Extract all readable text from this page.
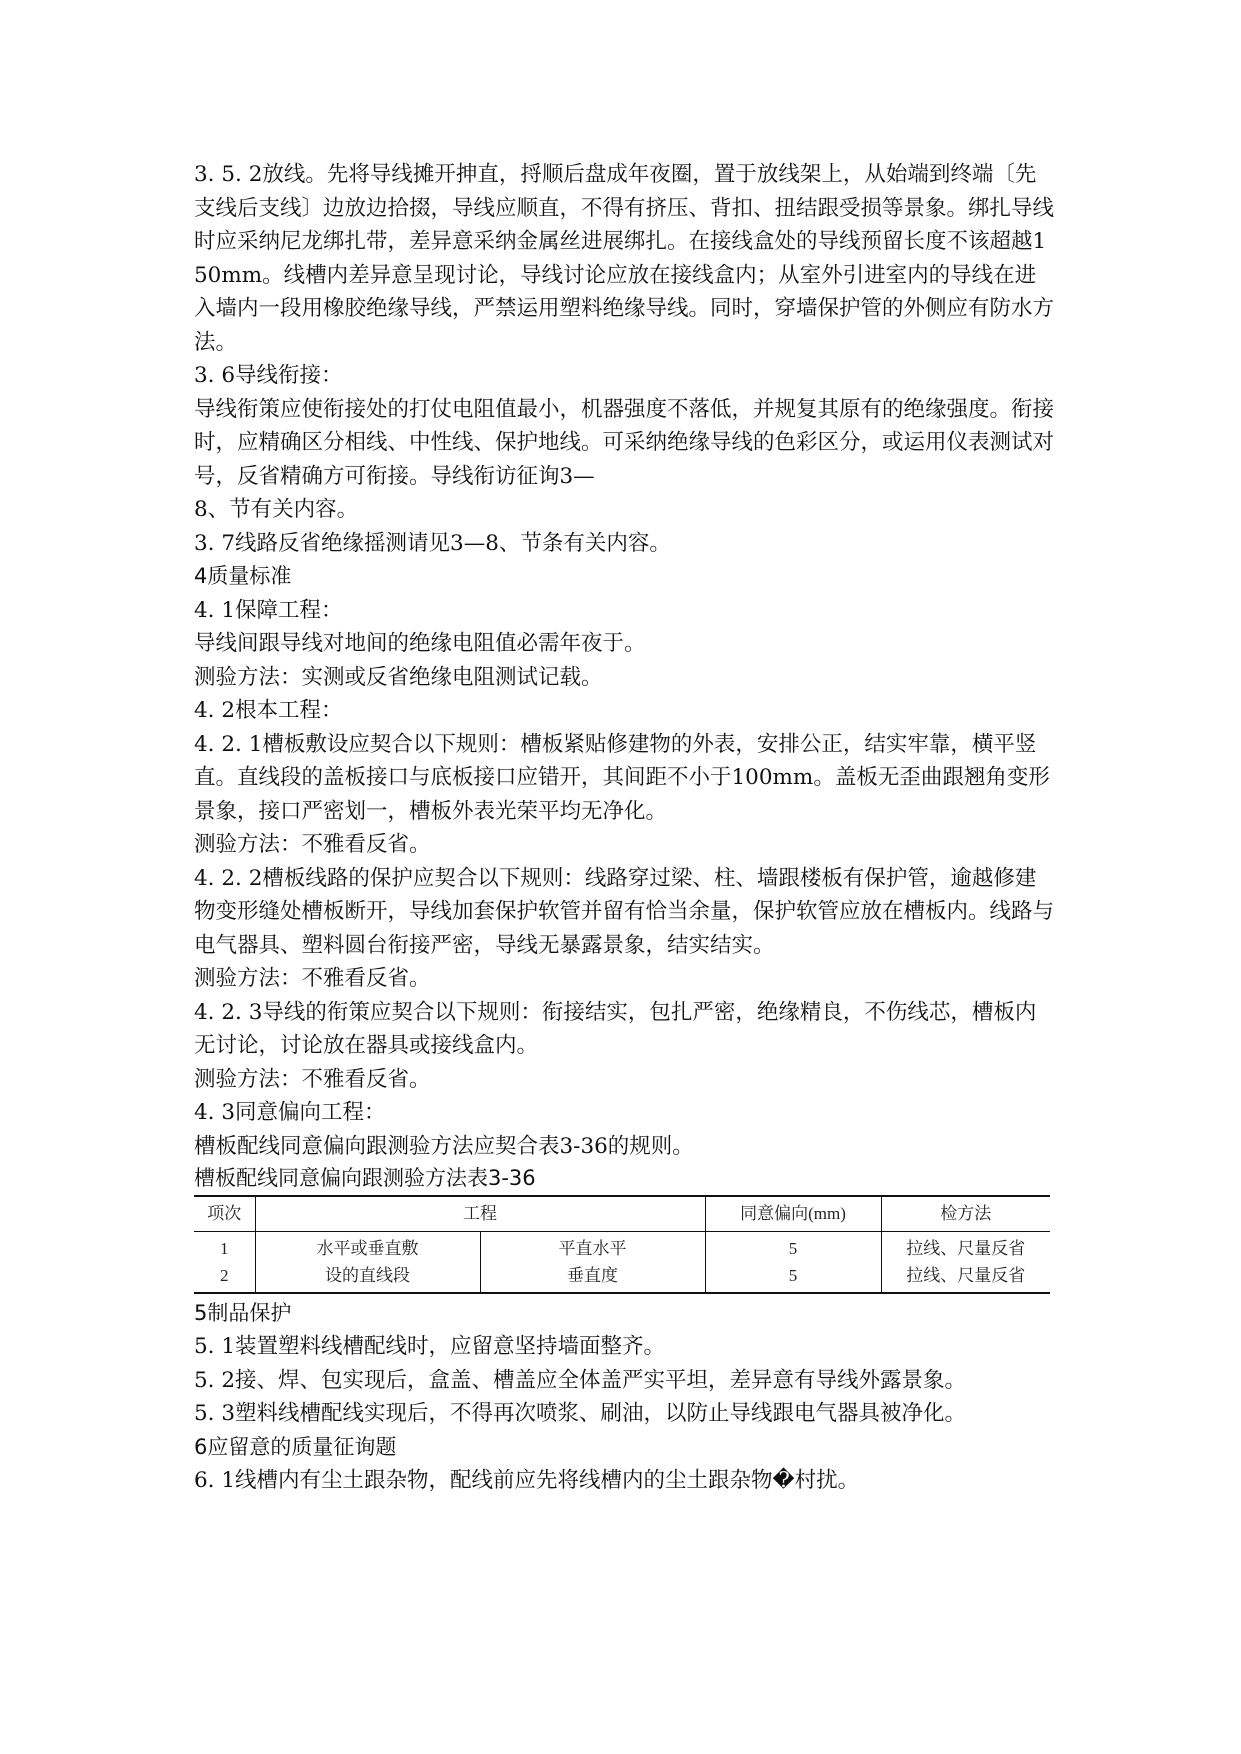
3. 5. 2放线。先将导线摊开抻直，捋顺后盘成年夜圈，置于放线架上，从始端到终端〔先支线后支线〕边放边拾掇，导线应顺直，不得有挤压、背扣、扭结跟受损等景象。绑扎导线时应采纳尼龙绑扎带，差异意采纳金属丝进展绑扎。在接线盒处的导线预留长度不该超越150mm。线槽内差异意呈现讨论，导线讨论应放在接线盒内；从室外引进室内的导线在进入墙内一段用橡胶绝缘导线，严禁运用塑料绝缘导线。同时，穿墙保护管的外侧应有防水方法。

3. 6导线衔接：

导线衔策应使衔接处的打仗电阻值最小，机器强度不落低，并规复其原有的绝缘强度。衔接时，应精确区分相线、中性线、保护地线。可采纳绝缘导线的色彩区分，或运用仪表测试对号，反省精确方可衔接。导线衔访征询3—

8、节有关内容。

3. 7线路反省绝缘摇测请见3—8、节条有关内容。

4质量标准

4. 1保障工程：

导线间跟导线对地间的绝缘电阻值必需年夜于。

测验方法：实测或反省绝缘电阻测试记载。

4. 2根本工程：

4. 2. 1槽板敷设应契合以下规则：槽板紧贴修建物的外表，安排公正，结实牢靠，横平竖直。直线段的盖板接口与底板接口应错开，其间距不小于100mm。盖板无歪曲跟翘角变形景象，接口严密划一，槽板外表光荣平均无净化。

测验方法：不雅看反省。

4. 2. 2槽板线路的保护应契合以下规则：线路穿过梁、柱、墙跟楼板有保护管，逾越修建物变形缝处槽板断开，导线加套保护软管并留有恰当余量，保护软管应放在槽板内。线路与电气器具、塑料圆台衔接严密，导线无暴露景象，结实结实。

测验方法：不雅看反省。

4. 2. 3导线的衔策应契合以下规则：衔接结实，包扎严密，绝缘精良，不伤线芯，槽板内无讨论，讨论放在器具或接线盒内。

测验方法：不雅看反省。

4. 3同意偏向工程：

槽板配线同意偏向跟测验方法应契合表3-36的规则。

槽板配线同意偏向跟测验方法表3-36

项次	工程		同意偏向(mm)	检方法
1	水平或垂直敷	平直水平	5	拉线、尺量反省
2	设的直线段	垂直度	5	拉线、尺量反省

5制品保护

5. 1装置塑料线槽配线时，应留意坚持墙面整齐。

5. 2接、焊、包实现后，盒盖、槽盖应全体盖严实平坦，差异意有导线外露景象。

5. 3塑料线槽配线实现后，不得再次喷浆、刷油，以防止导线跟电气器具被净化。

6应留意的质量征询题

6. 1线槽内有尘土跟杂物，配线前应先将线槽内的尘土跟杂物�村扰。
